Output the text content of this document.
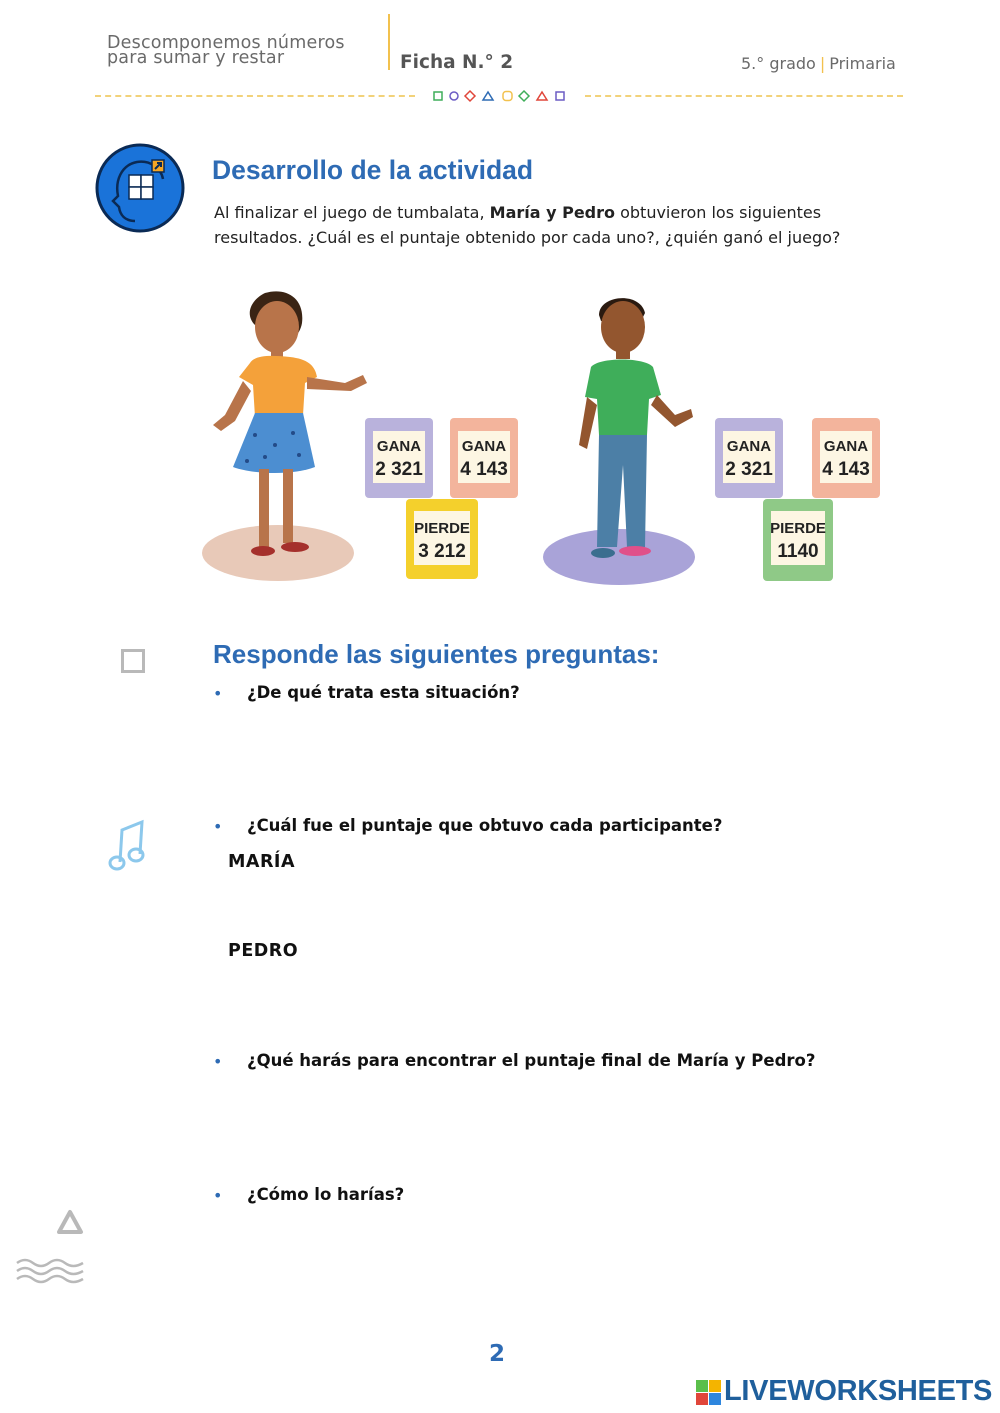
Descomponemos números
para sumar y restar	Ficha N.° 2	5.° grado | Primaria
Desarrollo de la actividad
Al finalizar el juego de tumbalata, María y Pedro obtuvieron los siguientes resultados. ¿Cuál es el puntaje obtenido por cada uno?, ¿quién ganó el juego?
GANA
2 321
GANA
4 143
PIERDE
3 212
GANA
2 321
GANA
4 143
PIERDE
1140
Responde las siguientes preguntas:
• ¿De qué trata esta situación?
• ¿Cuál fue el puntaje que obtuvo cada participante?
MARÍA
PEDRO
• ¿Qué harás para encontrar el puntaje final de María y Pedro?
• ¿Cómo lo harías?
2
LIVEWORKSHEETS
